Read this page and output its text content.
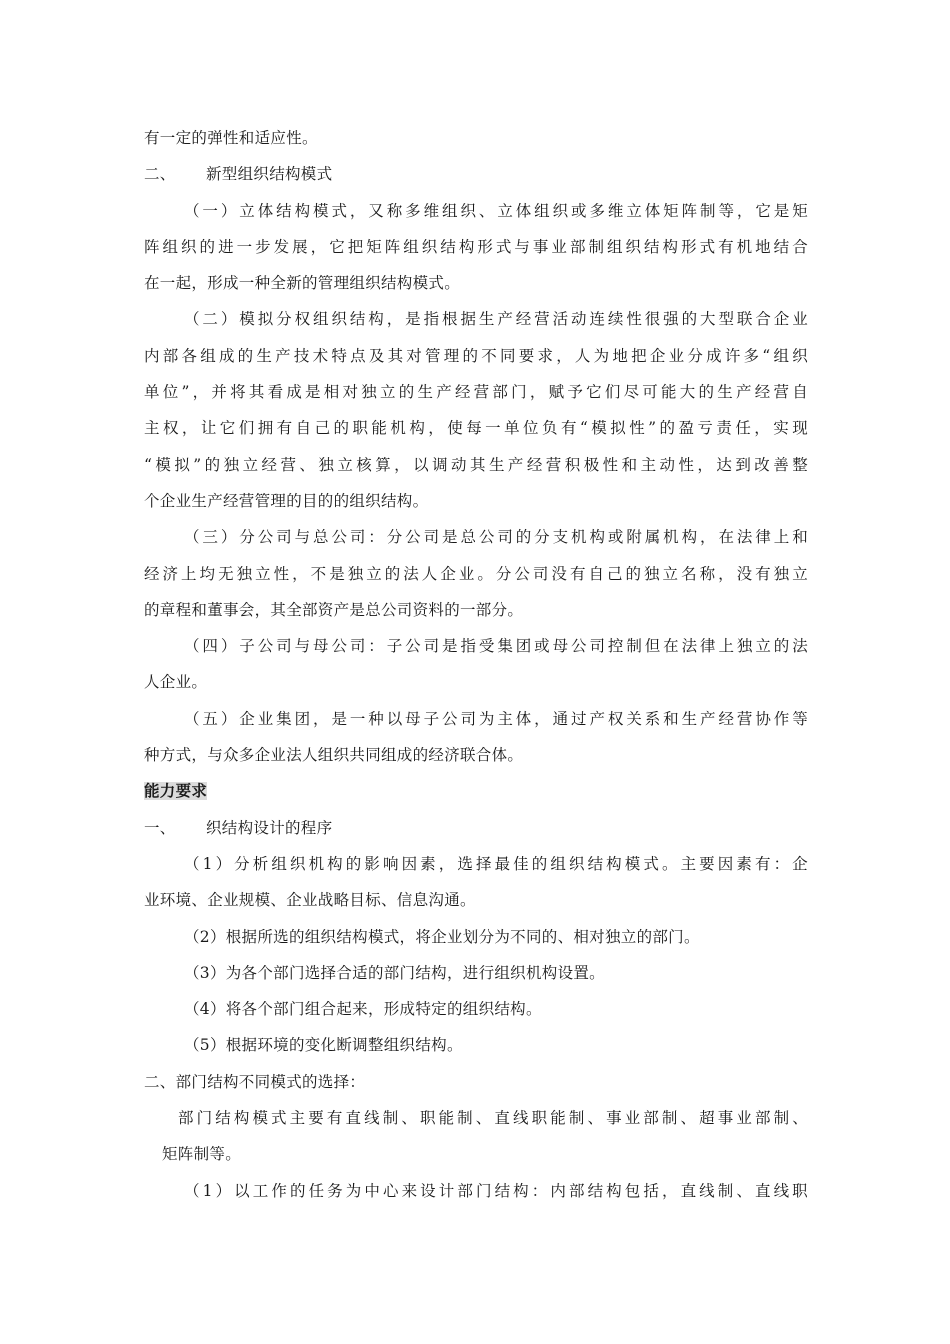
有一定的弹性和适应性。
二、 新型组织结构模式
（一）立体结构模式，又称多维组织、立体组织或多维立体矩阵制等，它是矩
阵组织的进一步发展，它把矩阵组织结构形式与事业部制组织结构形式有机地结合
在一起，形成一种全新的管理组织结构模式。
（二）模拟分权组织结构，是指根据生产经营活动连续性很强的大型联合企业
内部各组成的生产技术特点及其对管理的不同要求，人为地把企业分成许多“组织
单位”，并将其看成是相对独立的生产经营部门，赋予它们尽可能大的生产经营自
主权，让它们拥有自己的职能机构，使每一单位负有“模拟性”的盈亏责任，实现
“模拟”的独立经营、独立核算，以调动其生产经营积极性和主动性，达到改善整
个企业生产经营管理的目的的组织结构。
（三）分公司与总公司：分公司是总公司的分支机构或附属机构，在法律上和
经济上均无独立性，不是独立的法人企业。分公司没有自己的独立名称，没有独立
的章程和董事会，其全部资产是总公司资料的一部分。
（四）子公司与母公司：子公司是指受集团或母公司控制但在法律上独立的法
人企业。
（五）企业集团，是一种以母子公司为主体，通过产权关系和生产经营协作等
种方式，与众多企业法人组织共同组成的经济联合体。
能力要求
一、 织结构设计的程序
（1）分析组织机构的影响因素，选择最佳的组织结构模式。主要因素有：企
业环境、企业规模、企业战略目标、信息沟通。
（2）根据所选的组织结构模式，将企业划分为不同的、相对独立的部门。
（3）为各个部门选择合适的部门结构，进行组织机构设置。
（4）将各个部门组合起来，形成特定的组织结构。
（5）根据环境的变化断调整组织结构。
二、部门结构不同模式的选择：
部门结构模式主要有直线制、职能制、直线职能制、事业部制、超事业部制、
矩阵制等。
（1）以工作的任务为中心来设计部门结构：内部结构包括，直线制、直线职
